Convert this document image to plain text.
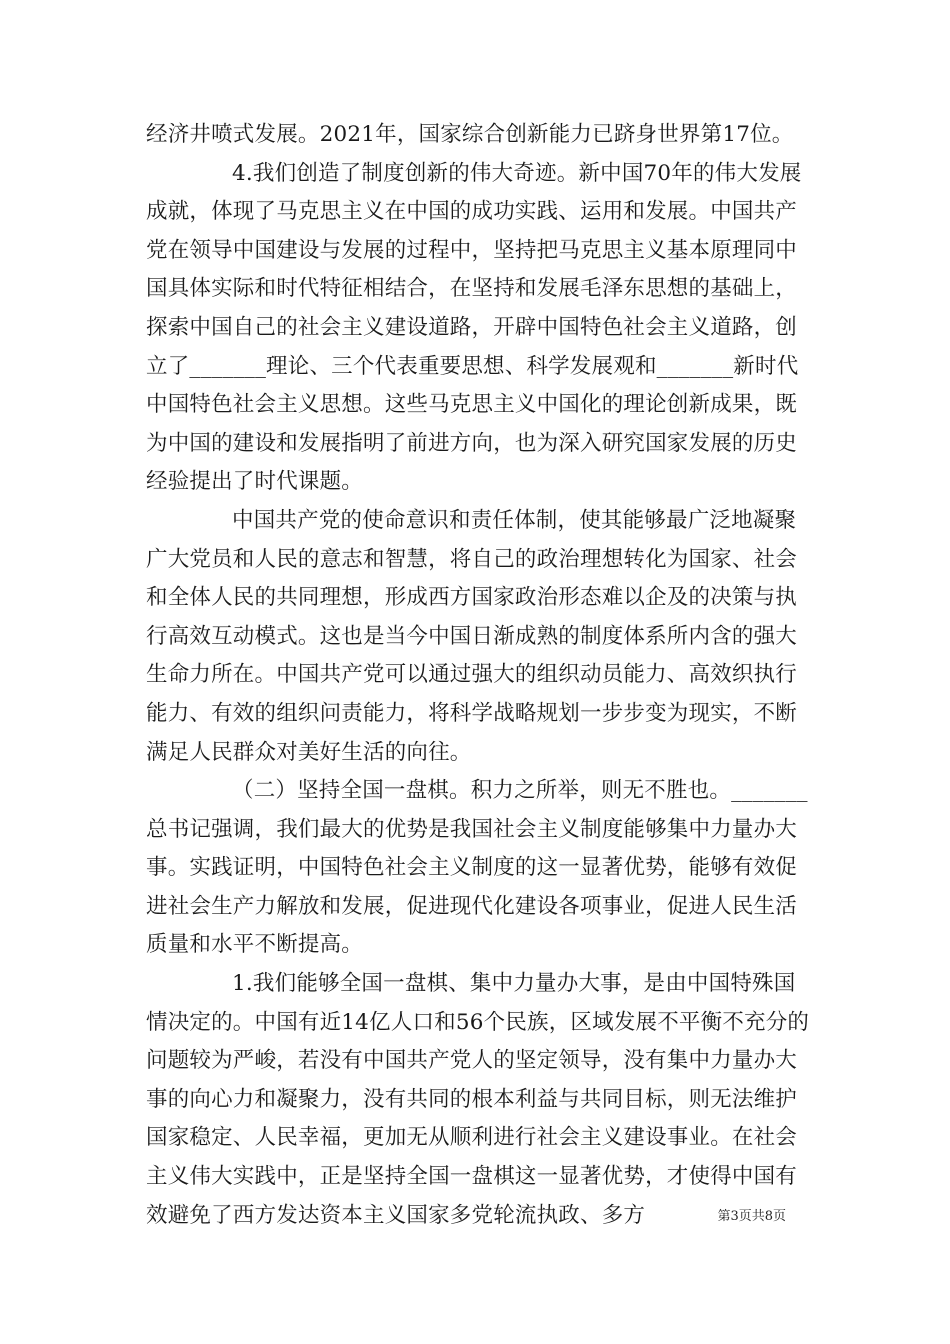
经济井喷式发展。2021年，国家综合创新能力已跻身世界第17位。

4.我们创造了制度创新的伟大奇迹。新中国70年的伟大发展成就，体现了马克思主义在中国的成功实践、运用和发展。中国共产党在领导中国建设与发展的过程中，坚持把马克思主义基本原理同中国具体实际和时代特征相结合，在坚持和发展毛泽东思想的基础上，探索中国自己的社会主义建设道路，开辟中国特色社会主义道路，创立了_______理论、三个代表重要思想、科学发展观和_______新时代中国特色社会主义思想。这些马克思主义中国化的理论创新成果，既为中国的建设和发展指明了前进方向，也为深入研究国家发展的历史经验提出了时代课题。

中国共产党的使命意识和责任体制，使其能够最广泛地凝聚广大党员和人民的意志和智慧，将自己的政治理想转化为国家、社会和全体人民的共同理想，形成西方国家政治形态难以企及的决策与执行高效互动模式。这也是当今中国日渐成熟的制度体系所内含的强大生命力所在。中国共产党可以通过强大的组织动员能力、高效织执行能力、有效的组织问责能力，将科学战略规划一步步变为现实，不断满足人民群众对美好生活的向往。

（二）坚持全国一盘棋。积力之所举，则无不胜也。_______总书记强调，我们最大的优势是我国社会主义制度能够集中力量办大事。实践证明，中国特色社会主义制度的这一显著优势，能够有效促进社会生产力解放和发展，促进现代化建设各项事业，促进人民生活质量和水平不断提高。

1.我们能够全国一盘棋、集中力量办大事，是由中国特殊国情决定的。中国有近14亿人口和56个民族，区域发展不平衡不充分的问题较为严峻，若没有中国共产党人的坚定领导，没有集中力量办大事的向心力和凝聚力，没有共同的根本利益与共同目标，则无法维护国家稳定、人民幸福，更加无从顺利进行社会主义建设事业。在社会主义伟大实践中，正是坚持全国一盘棋这一显著优势，才使得中国有效避免了西方发达资本主义国家多党轮流执政、多方	第3页共8页
